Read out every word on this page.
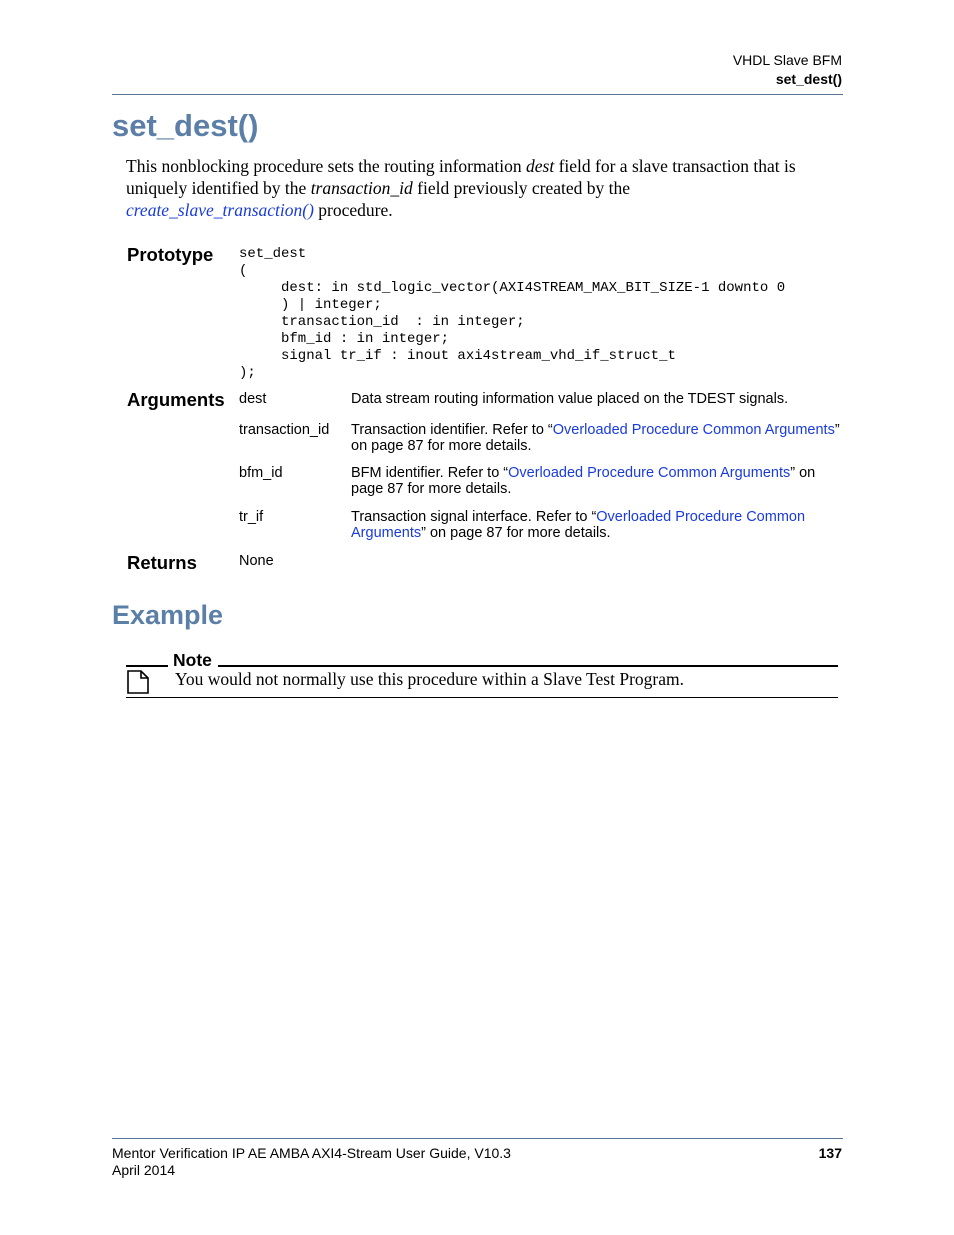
VHDL Slave BFM
set_dest()
set_dest()

This nonblocking procedure sets the routing information dest field for a slave transaction that is uniquely identified by the transaction_id field previously created by the
create_slave_transaction() procedure.

Prototype set_dest
(
dest: in std_logic_vector(AXI4STREAM_MAX_BIT_SIZE-1 downto 0
) | integer;
transaction_id  : in integer;
bfm_id : in integer;
signal tr_if : inout axi4stream_vhd_if_struct_t
);
Arguments dest	Data stream routing information value placed on the TDEST signals.
transaction_id Transaction identifier. Refer to “Overloaded Procedure Common Arguments” on page 87 for more details.
bfm_id	BFM identifier. Refer to “Overloaded Procedure Common Arguments” on page 87 for more details.
tr_if	Transaction signal interface. Refer to “Overloaded Procedure Common Arguments” on page 87 for more details.
Returns	None
Example
Note
You would not normally use this procedure within a Slave Test Program.
Mentor Verification IP AE AMBA AXI4-Stream User Guide, V10.3
April 2014
137
